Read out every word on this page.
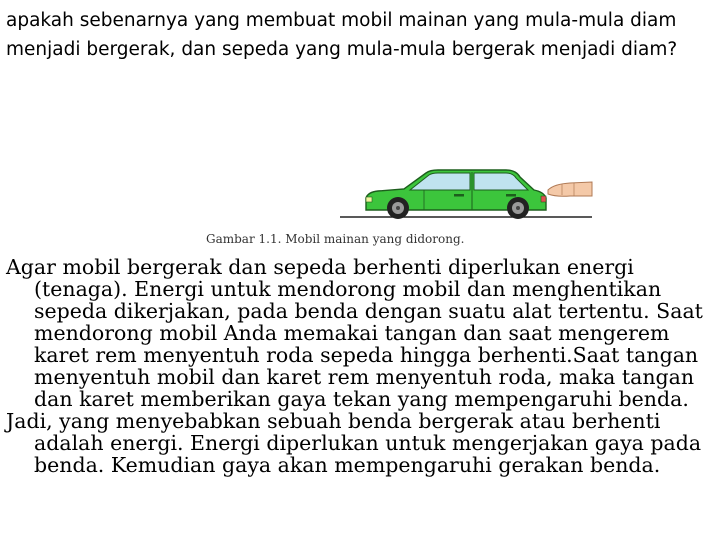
apakah sebenarnya yang membuat mobil mainan yang mula-mula diam menjadi bergerak, dan sepeda yang mula-mula bergerak menjadi diam?
Gambar 1.1. Mobil mainan yang didorong.

Agar mobil bergerak dan sepeda berhenti diperlukan energi (tenaga). Energi untuk mendorong mobil dan menghentikan sepeda dikerjakan, pada benda dengan suatu alat tertentu. Saat mendorong mobil Anda memakai tangan dan saat mengerem karet rem menyentuh roda sepeda hingga berhenti.Saat tangan menyentuh mobil dan karet rem menyentuh roda, maka tangan dan karet memberikan gaya tekan yang mempengaruhi benda.

Jadi, yang menyebabkan sebuah benda bergerak atau berhenti adalah energi. Energi diperlukan untuk mengerjakan gaya pada benda. Kemudian gaya akan mempengaruhi gerakan benda.
